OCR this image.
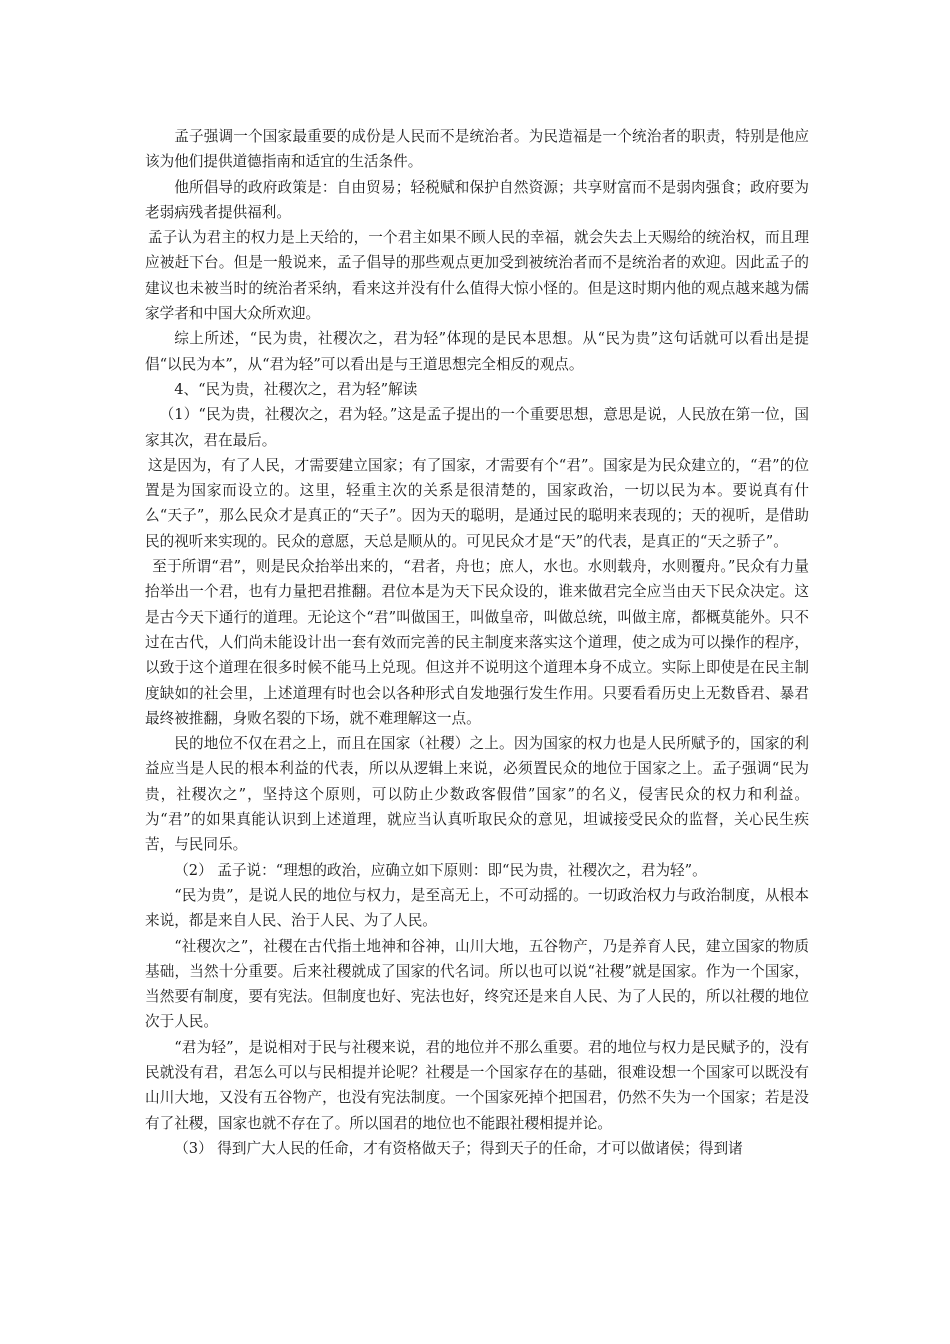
孟子强调一个国家最重要的成份是人民而不是统治者。为民造福是一个统治者的职责，特别是他应该为他们提供道德指南和适宜的生活条件。

他所倡导的政府政策是：自由贸易；轻税赋和保护自然资源；共享财富而不是弱肉强食；政府要为老弱病残者提供福利。

孟子认为君主的权力是上天给的，一个君主如果不顾人民的幸福，就会失去上天赐给的统治权，而且理应被赶下台。但是一般说来，孟子倡导的那些观点更加受到被统治者而不是统治者的欢迎。因此孟子的建议也未被当时的统治者采纳，看来这并没有什么值得大惊小怪的。但是这时期内他的观点越来越为儒家学者和中国大众所欢迎。

综上所述，“民为贵，社稷次之，君为轻”体现的是民本思想。从“民为贵”这句话就可以看出是提倡“以民为本”，从“君为轻”可以看出是与王道思想完全相反的观点。

4、“民为贵，社稷次之，君为轻”解读

（1）“民为贵，社稷次之，君为轻。”这是孟子提出的一个重要思想，意思是说，人民放在第一位，国家其次，君在最后。

这是因为，有了人民，才需要建立国家；有了国家，才需要有个“君”。国家是为民众建立的，“君”的位置是为国家而设立的。这里，轻重主次的关系是很清楚的，国家政治，一切以民为本。要说真有什么“天子”，那么民众才是真正的“天子”。因为天的聪明，是通过民的聪明来表现的；天的视听，是借助民的视听来实现的。民众的意愿，天总是顺从的。可见民众才是“天”的代表，是真正的“天之骄子”。

至于所谓“君”，则是民众抬举出来的，“君者，舟也；庶人，水也。水则载舟，水则覆舟。”民众有力量抬举出一个君，也有力量把君推翻。君位本是为天下民众设的，谁来做君完全应当由天下民众决定。这是古今天下通行的道理。无论这个“君”叫做国王，叫做皇帝，叫做总统，叫做主席，都概莫能外。只不过在古代，人们尚未能设计出一套有效而完善的民主制度来落实这个道理，使之成为可以操作的程序，以致于这个道理在很多时候不能马上兑现。但这并不说明这个道理本身不成立。实际上即使是在民主制度缺如的社会里，上述道理有时也会以各种形式自发地强行发生作用。只要看看历史上无数昏君、暴君最终被推翻，身败名裂的下场，就不难理解这一点。

民的地位不仅在君之上，而且在国家（社稷）之上。因为国家的权力也是人民所赋予的，国家的利益应当是人民的根本利益的代表，所以从逻辑上来说，必须置民众的地位于国家之上。孟子强调“民为贵，社稷次之”，坚持这个原则，可以防止少数政客假借”国家”的名义，侵害民众的权力和利益。为“君”的如果真能认识到上述道理，就应当认真听取民众的意见，坦诚接受民众的监督，关心民生疾苦，与民同乐。

（2） 孟子说：“理想的政治，应确立如下原则：即“民为贵，社稷次之，君为轻”。

“民为贵”，是说人民的地位与权力，是至高无上，不可动摇的。一切政治权力与政治制度，从根本来说，都是来自人民、治于人民、为了人民。

“社稷次之”，社稷在古代指土地神和谷神，山川大地，五谷物产，乃是养育人民，建立国家的物质基础，当然十分重要。后来社稷就成了国家的代名词。所以也可以说“社稷”就是国家。作为一个国家，当然要有制度，要有宪法。但制度也好、宪法也好，终究还是来自人民、为了人民的，所以社稷的地位次于人民。

“君为轻”，是说相对于民与社稷来说，君的地位并不那么重要。君的地位与权力是民赋予的，没有民就没有君，君怎么可以与民相提并论呢？社稷是一个国家存在的基础，很难设想一个国家可以既没有山川大地，又没有五谷物产，也没有宪法制度。一个国家死掉个把国君，仍然不失为一个国家；若是没有了社稷，国家也就不存在了。所以国君的地位也不能跟社稷相提并论。

（3） 得到广大人民的任命，才有资格做天子；得到天子的任命，才可以做诸侯；得到诸
